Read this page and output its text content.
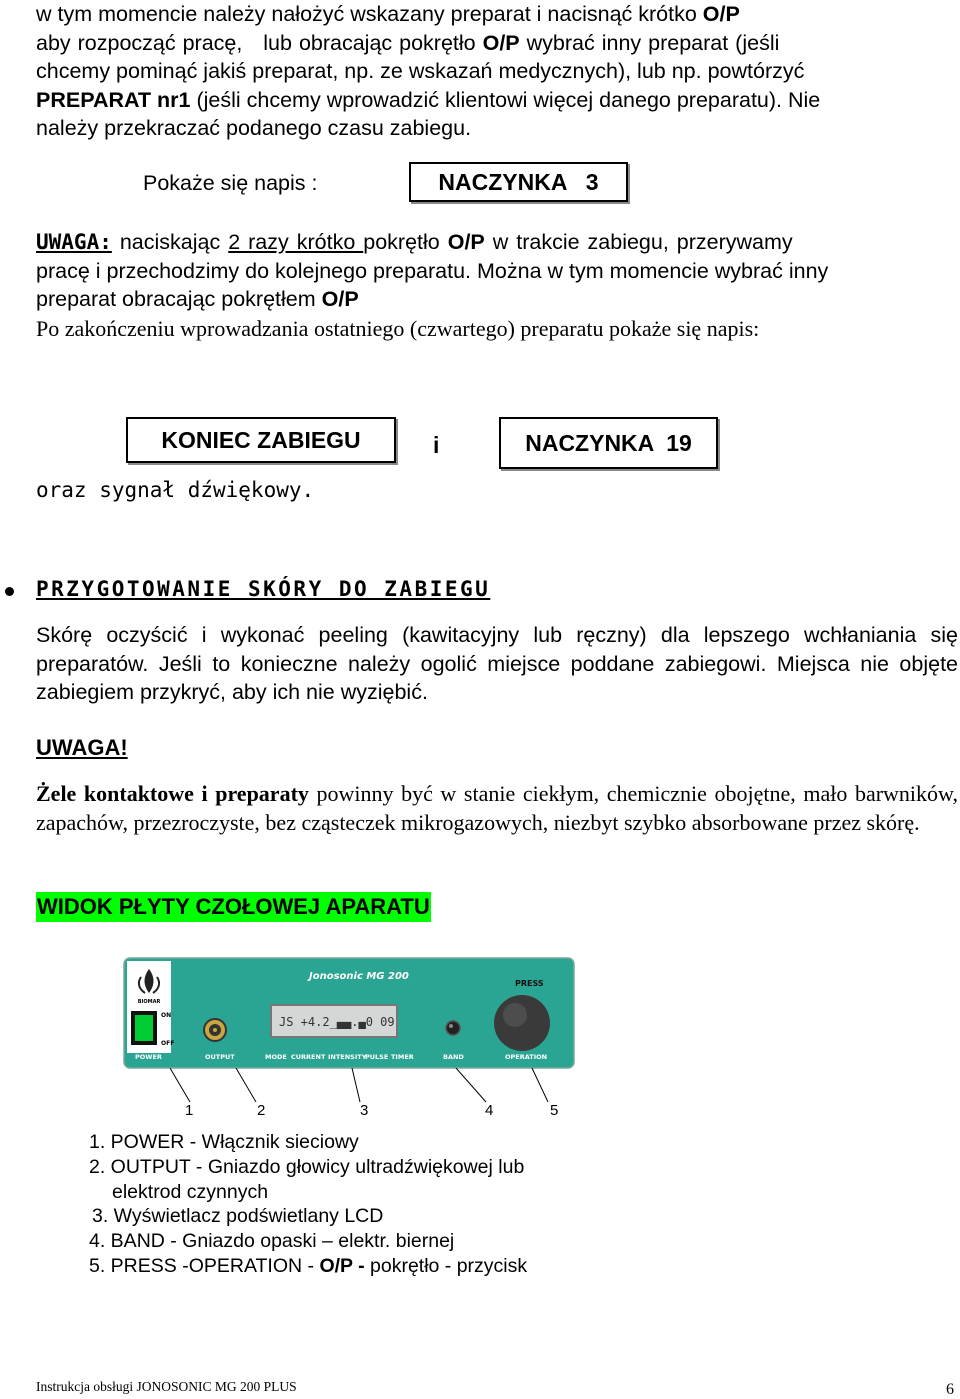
w tym momencie należy nałożyć wskazany preparat i nacisnąć krótko O/P
aby rozpocząć pracę,   lub obracając pokrętło O/P wybrać inny preparat (jeśli
chcemy pominąć jakiś preparat, np. ze wskazań medycznych), lub np. powtórzyć
PREPARAT nr1 (jeśli chcemy wprowadzić klientowi więcej danego preparatu). Nie
należy przekraczać podanego czasu zabiegu.
Pokaże się napis :	NACZYNKA   3
UWAGA: naciskając 2 razy krótko pokrętło O/P w trakcie zabiegu, przerywamy
pracę i przechodzimy do kolejnego preparatu. Można w tym momencie wybrać inny
preparat obracając pokrętłem O/P
Po zakończeniu wprowadzania ostatniego (czwartego) preparatu pokaże się napis:
KONIEC ZABIEGU	i	NACZYNKA  19
oraz sygnał dźwiękowy.
PRZYGOTOWANIE SKÓRY DO ZABIEGU
Skórę oczyścić i wykonać peeling (kawitacyjny lub ręczny) dla lepszego wchłaniania się preparatów. Jeśli to konieczne należy ogolić miejsce poddane zabiegowi. Miejsca nie objęte zabiegiem przykryć, aby ich nie wyziębić.
UWAGA!
Żele kontaktowe i preparaty powinny być w stanie ciekłym, chemicznie obojętne, mało barwników, zapachów, przezroczyste, bez cząsteczek mikrogazowych, niezbyt szybko absorbowane przez skórę.
WIDOK PŁYTY CZOŁOWEJ APARATU
BIOMAR
Jonosonic MG 200
PRESS
ON
OFF
JS +4.2_▄▄.▄0 09
POWER	OUTPUT	MODE CURRENT INTENSITY
PULSE TIMER	BAND	OPERATION
1	2	3	4	5
1. POWER - Włącznik sieciowy
2. OUTPUT - Gniazdo głowicy ultradźwiękowej lub
elektrod czynnych
3. Wyświetlacz podświetlany LCD
4. BAND - Gniazdo opaski – elektr. biernej
5. PRESS -OPERATION - O/P - pokrętło - przycisk
Instrukcja obsługi JONOSONIC MG 200 PLUS	6
